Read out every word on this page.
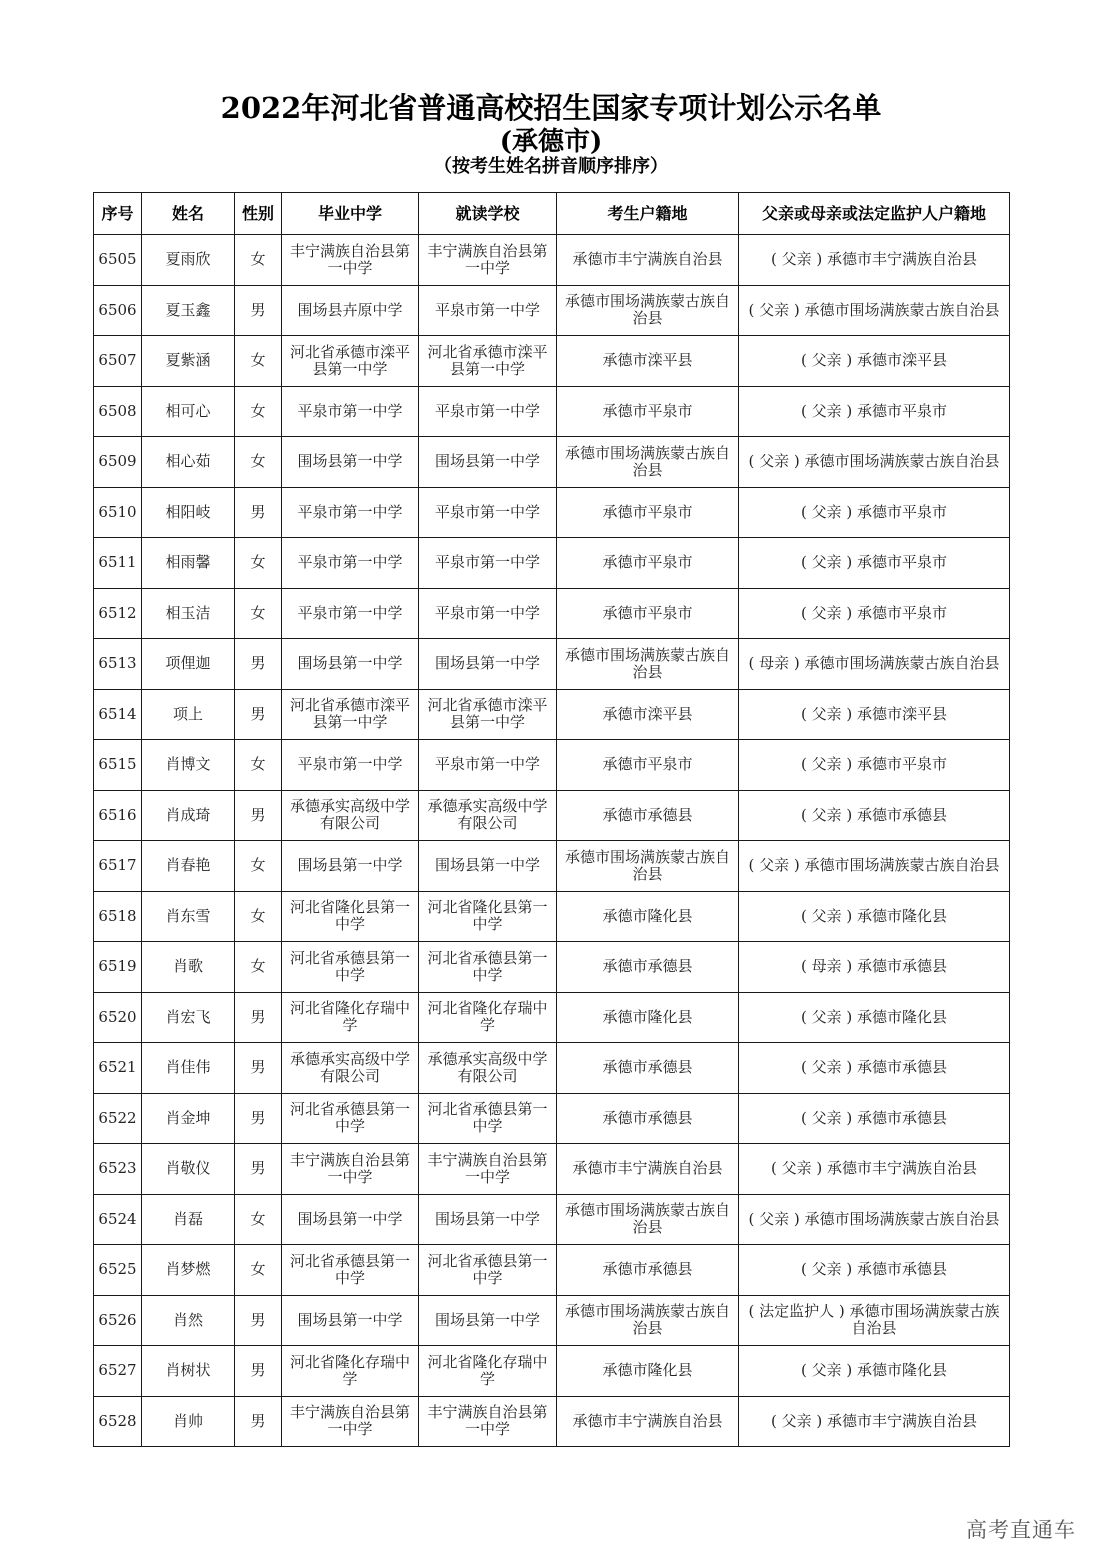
2022年河北省普通高校招生国家专项计划公示名单
(承德市)
（按考生姓名拼音顺序排序）
序号	姓名	性别	毕业中学	就读学校	考生户籍地	父亲或母亲或法定监护人户籍地
6505	夏雨欣	女	丰宁满族自治县第一中学	丰宁满族自治县第一中学	承德市丰宁满族自治县	( 父亲 ) 承德市丰宁满族自治县
6506	夏玉鑫	男	围场县卉原中学	平泉市第一中学	承德市围场满族蒙古族自治县	( 父亲 ) 承德市围场满族蒙古族自治县
6507	夏紫涵	女	河北省承德市滦平县第一中学	河北省承德市滦平县第一中学	承德市滦平县	( 父亲 ) 承德市滦平县
6508	相可心	女	平泉市第一中学	平泉市第一中学	承德市平泉市	( 父亲 ) 承德市平泉市
6509	相心茹	女	围场县第一中学	围场县第一中学	承德市围场满族蒙古族自治县	( 父亲 ) 承德市围场满族蒙古族自治县
6510	相阳岐	男	平泉市第一中学	平泉市第一中学	承德市平泉市	( 父亲 ) 承德市平泉市
6511	相雨馨	女	平泉市第一中学	平泉市第一中学	承德市平泉市	( 父亲 ) 承德市平泉市
6512	相玉洁	女	平泉市第一中学	平泉市第一中学	承德市平泉市	( 父亲 ) 承德市平泉市
6513	项俚迦	男	围场县第一中学	围场县第一中学	承德市围场满族蒙古族自治县	( 母亲 ) 承德市围场满族蒙古族自治县
6514	项上	男	河北省承德市滦平县第一中学	河北省承德市滦平县第一中学	承德市滦平县	( 父亲 ) 承德市滦平县
6515	肖博文	女	平泉市第一中学	平泉市第一中学	承德市平泉市	( 父亲 ) 承德市平泉市
6516	肖成琦	男	承德承实高级中学有限公司	承德承实高级中学有限公司	承德市承德县	( 父亲 ) 承德市承德县
6517	肖春艳	女	围场县第一中学	围场县第一中学	承德市围场满族蒙古族自治县	( 父亲 ) 承德市围场满族蒙古族自治县
6518	肖东雪	女	河北省隆化县第一中学	河北省隆化县第一中学	承德市隆化县	( 父亲 ) 承德市隆化县
6519	肖歌	女	河北省承德县第一中学	河北省承德县第一中学	承德市承德县	( 母亲 ) 承德市承德县
6520	肖宏飞	男	河北省隆化存瑞中学	河北省隆化存瑞中学	承德市隆化县	( 父亲 ) 承德市隆化县
6521	肖佳伟	男	承德承实高级中学有限公司	承德承实高级中学有限公司	承德市承德县	( 父亲 ) 承德市承德县
6522	肖金坤	男	河北省承德县第一中学	河北省承德县第一中学	承德市承德县	( 父亲 ) 承德市承德县
6523	肖敬仪	男	丰宁满族自治县第一中学	丰宁满族自治县第一中学	承德市丰宁满族自治县	( 父亲 ) 承德市丰宁满族自治县
6524	肖磊	女	围场县第一中学	围场县第一中学	承德市围场满族蒙古族自治县	( 父亲 ) 承德市围场满族蒙古族自治县
6525	肖梦燃	女	河北省承德县第一中学	河北省承德县第一中学	承德市承德县	( 父亲 ) 承德市承德县
6526	肖然	男	围场县第一中学	围场县第一中学	承德市围场满族蒙古族自治县	( 法定监护人 ) 承德市围场满族蒙古族自治县
6527	肖树状	男	河北省隆化存瑞中学	河北省隆化存瑞中学	承德市隆化县	( 父亲 ) 承德市隆化县
6528	肖帅	男	丰宁满族自治县第一中学	丰宁满族自治县第一中学	承德市丰宁满族自治县	( 父亲 ) 承德市丰宁满族自治县
高考直通车
